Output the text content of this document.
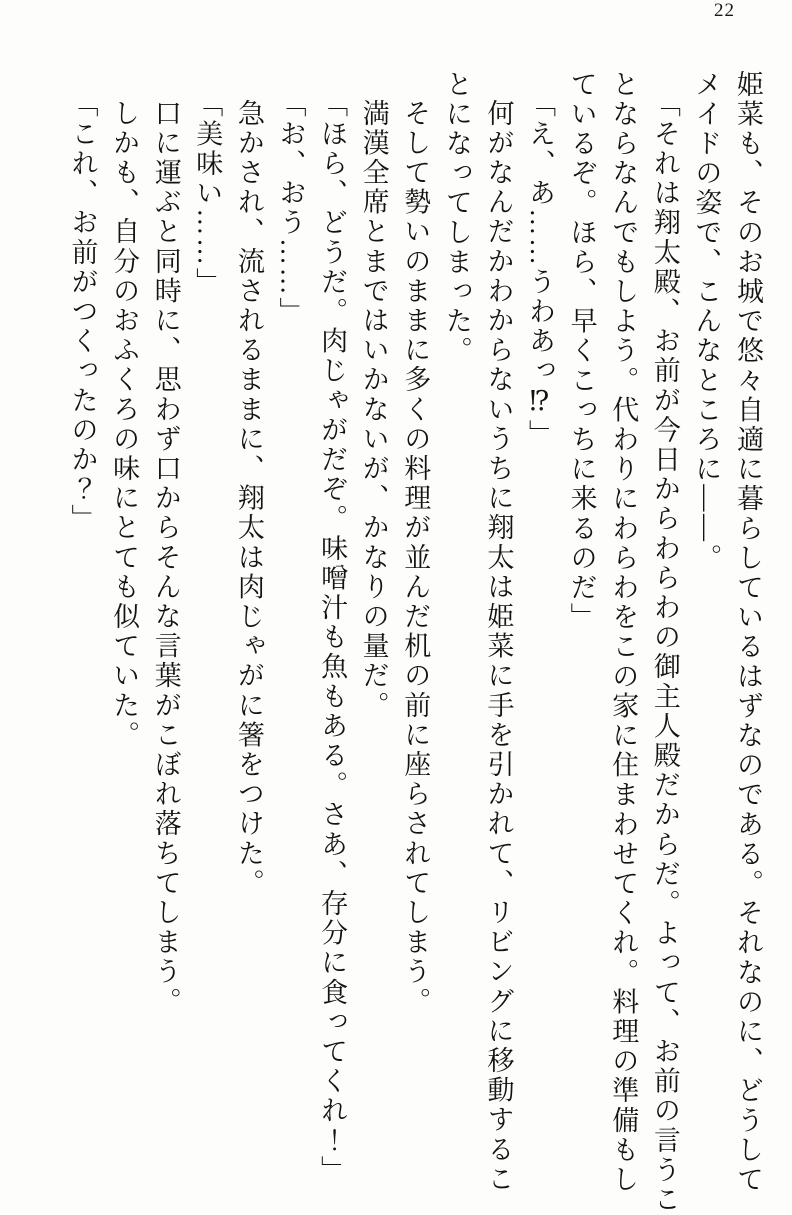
22

姫菜も、そのお城で悠々自適に暮らしているはずなのである。それなのに、どうして

メイドの姿で、こんなところに――。

「それは翔太殿、お前が今日からわらわの御主人殿だからだ。よって、お前の言うこ

とならなんでもしよう。代わりにわらわをこの家に住まわせてくれ。料理の準備もし

ているぞ。ほら、早くこっちに来るのだ」

「え、あ……うわあっ⁉」

何がなんだかわからないうちに翔太は姫菜に手を引かれて、リビングに移動するこ

とになってしまった。

そして勢いのままに多くの料理が並んだ机の前に座らされてしまう。

満漢全席とまではいかないが、かなりの量だ。

「ほら、どうだ。肉じゃがだぞ。味噌汁も魚もある。さあ、存分に食ってくれ！」

「お、おう……」

急かされ、流されるままに、翔太は肉じゃがに箸をつけた。

「美味い……」

口に運ぶと同時に、思わず口からそんな言葉がこぼれ落ちてしまう。

しかも、自分のおふくろの味にとても似ていた。

「これ、お前がつくったのか？」
